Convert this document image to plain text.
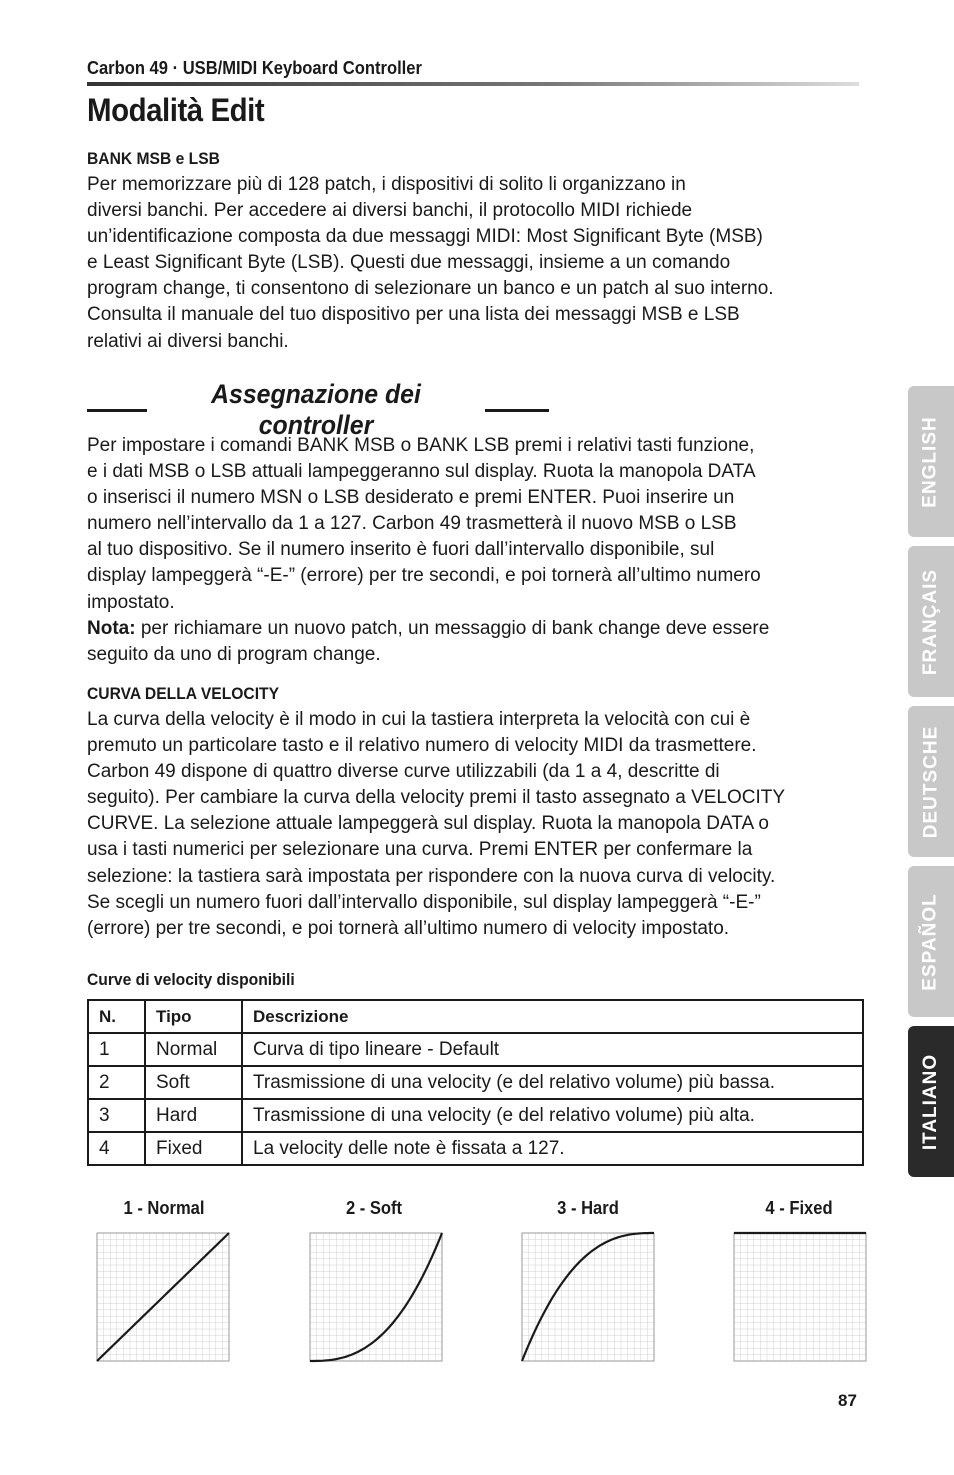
Carbon 49 · USB/MIDI Keyboard Controller
Modalità Edit
BANK MSB e LSB
Per memorizzare più di 128 patch, i dispositivi di solito li organizzano in
diversi banchi. Per accedere ai diversi banchi, il protocollo MIDI richiede
un’identificazione composta da due messaggi MIDI: Most Significant Byte (MSB)
e Least Significant Byte (LSB). Questi due messaggi, insieme a un comando
program change, ti consentono di selezionare un banco e un patch al suo interno.
Consulta il manuale del tuo dispositivo per una lista dei messaggi MSB e LSB
relativi ai diversi banchi.
Assegnazione dei controller
Per impostare i comandi BANK MSB o BANK LSB premi i relativi tasti funzione,
e i dati MSB o LSB attuali lampeggeranno sul display. Ruota la manopola DATA
o inserisci il numero MSN o LSB desiderato e premi ENTER. Puoi inserire un
numero nell’intervallo da 1 a 127. Carbon 49 trasmetterà il nuovo MSB o LSB
al tuo dispositivo. Se il numero inserito è fuori dall’intervallo disponibile, sul
display lampeggerà “-E-” (errore) per tre secondi, e poi tornerà all’ultimo numero
impostato.
Nota: per richiamare un nuovo patch, un messaggio di bank change deve essere
seguito da uno di program change.
CURVA DELLA VELOCITY
La curva della velocity è il modo in cui la tastiera interpreta la velocità con cui è
premuto un particolare tasto e il relativo numero di velocity MIDI da trasmettere.
Carbon 49 dispone di quattro diverse curve utilizzabili (da 1 a 4, descritte di
seguito). Per cambiare la curva della velocity premi il tasto assegnato a VELOCITY
CURVE. La selezione attuale lampeggerà sul display. Ruota la manopola DATA o
usa i tasti numerici per selezionare una curva. Premi ENTER per confermare la
selezione: la tastiera sarà impostata per rispondere con la nuova curva di velocity.
Se scegli un numero fuori dall’intervallo disponibile, sul display lampeggerà “-E-”
(errore) per tre secondi, e poi tornerà all’ultimo numero di velocity impostato.
Curve di velocity disponibili
N.	Tipo	Descrizione
1	Normal	Curva di tipo lineare - Default
2	Soft	Trasmissione di una velocity (e del relativo volume) più bassa.
3	Hard	Trasmissione di una velocity (e del relativo volume) più alta.
4	Fixed	La velocity delle note è fissata a 127.
1 - Normal	2 - Soft	3 - Hard	4 - Fixed
ENGLISH
FRANÇAIS
DEUTSCHE
ESPAÑOL
ITALIANO
87
